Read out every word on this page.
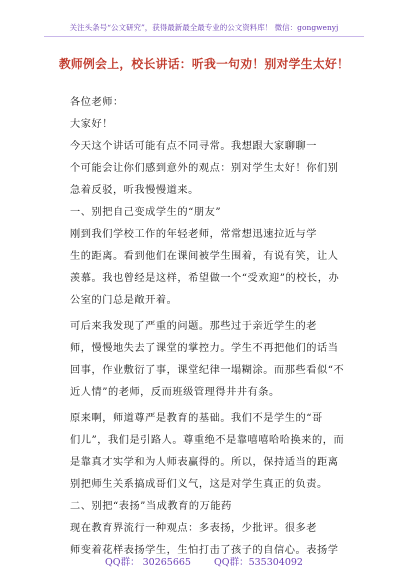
关注头条号“公文研究”，获得最新最全最专业的公文资料库！ 微信：gongwenyj
教师例会上，校长讲话：听我一句劝！别对学生太好！
各位老师：
大家好！
今天这个讲话可能有点不同寻常。我想跟大家聊聊一
个可能会让你们感到意外的观点：别对学生太好！你们别
急着反驳，听我慢慢道来。
一、别把自己变成学生的“朋友”
刚到我们学校工作的年轻老师，常常想迅速拉近与学
生的距离。看到他们在课间被学生围着，有说有笑，让人
羡慕。我也曾经是这样，希望做一个“受欢迎”的校长，办
公室的门总是敞开着。
可后来我发现了严重的问题。那些过于亲近学生的老
师，慢慢地失去了课堂的掌控力。学生不再把他们的话当
回事，作业敷衍了事，课堂纪律一塌糊涂。而那些看似“不
近人情”的老师，反而班级管理得井井有条。
原来啊，师道尊严是教育的基础。我们不是学生的“哥
们儿”，我们是引路人。尊重绝不是靠嘻嘻哈哈换来的，而
是靠真才实学和为人师表赢得的。所以，保持适当的距离
别把师生关系搞成哥们义气，这是对学生真正的负责。
二、别把“表扬”当成教育的万能药
现在教育界流行一种观点：多表扬，少批评。很多老
师变着花样表扬学生，生怕打击了孩子的自信心。表扬学
QQ群： 30265665 QQ群：535304092
